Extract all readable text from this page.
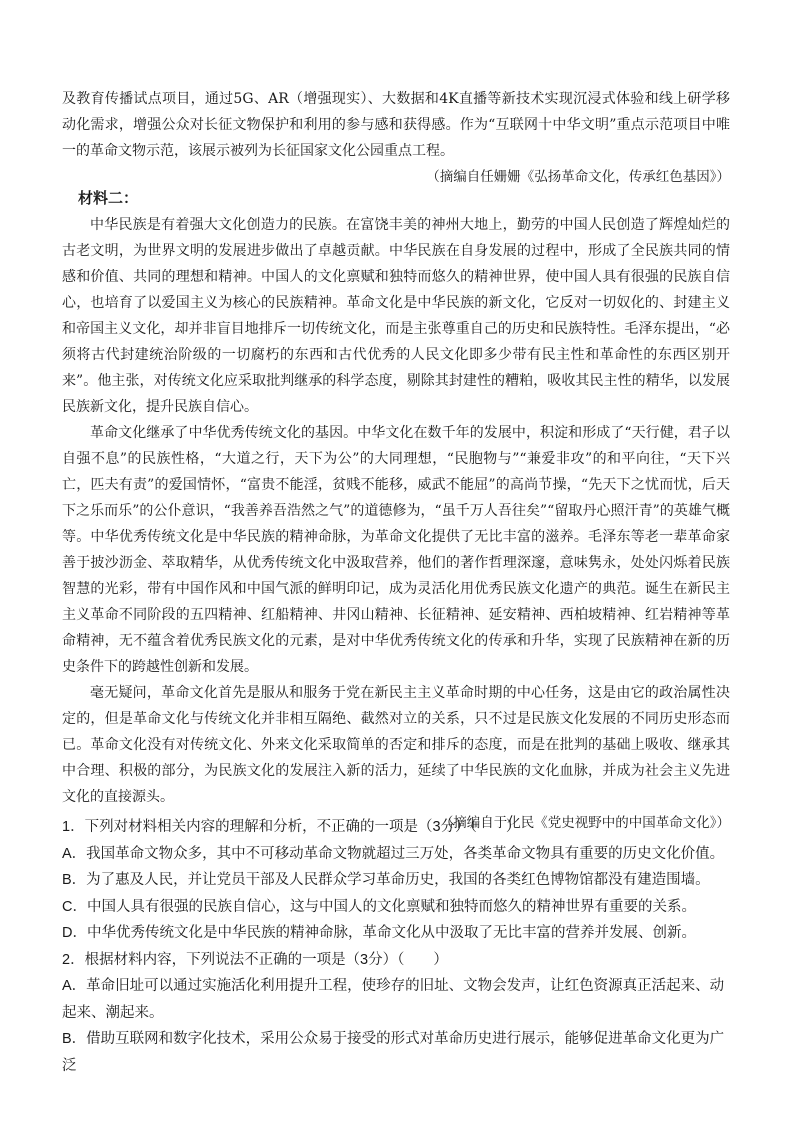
及教育传播试点项目，通过5G、AR（增强现实）、大数据和4K直播等新技术实现沉浸式体验和线上研学移动化需求，增强公众对长征文物保护和利用的参与感和获得感。作为“互联网十中华文明”重点示范项目中唯一的革命文物示范，该展示被列为长征国家文化公园重点工程。

（摘编自任姗姗《弘扬革命文化，传承红色基因》）

材料二：

中华民族是有着强大文化创造力的民族。在富饶丰美的神州大地上，勤劳的中国人民创造了辉煌灿烂的古老文明，为世界文明的发展进步做出了卓越贡献。中华民族在自身发展的过程中，形成了全民族共同的情感和价值、共同的理想和精神。中国人的文化禀赋和独特而悠久的精神世界，使中国人具有很强的民族自信心，也培育了以爱国主义为核心的民族精神。革命文化是中华民族的新文化，它反对一切奴化的、封建主义和帝国主义文化，却并非盲目地排斥一切传统文化，而是主张尊重自己的历史和民族特性。毛泽东提出，“必须将古代封建统治阶级的一切腐朽的东西和古代优秀的人民文化即多少带有民主性和革命性的东西区别开来”。他主张，对传统文化应采取批判继承的科学态度，剔除其封建性的糟粕，吸收其民主性的精华，以发展民族新文化，提升民族自信心。

革命文化继承了中华优秀传统文化的基因。中华文化在数千年的发展中，积淀和形成了“天行健，君子以自强不息”的民族性格，“大道之行，天下为公”的大同理想，“民胞物与”“兼爱非攻”的和平向往，“天下兴亡，匹夫有责”的爱国情怀，“富贵不能淫，贫贱不能移，威武不能屈”的高尚节操，“先天下之忧而忧，后天下之乐而乐”的公仆意识，“我善养吾浩然之气”的道德修为，“虽千万人吾往矣”“留取丹心照汗青”的英雄气概等。中华优秀传统文化是中华民族的精神命脉，为革命文化提供了无比丰富的滋养。毛泽东等老一辈革命家善于披沙沥金、萃取精华，从优秀传统文化中汲取营养，他们的著作哲理深邃，意味隽永，处处闪烁着民族智慧的光彩，带有中国作风和中国气派的鲜明印记，成为灵活化用优秀民族文化遗产的典范。诞生在新民主主义革命不同阶段的五四精神、红船精神、井冈山精神、长征精神、延安精神、西柏坡精神、红岩精神等革命精神，无不蕴含着优秀民族文化的元素，是对中华优秀传统文化的传承和升华，实现了民族精神在新的历史条件下的跨越性创新和发展。

毫无疑问，革命文化首先是服从和服务于党在新民主主义革命时期的中心任务，这是由它的政治属性决定的，但是革命文化与传统文化并非相互隔绝、截然对立的关系，只不过是民族文化发展的不同历史形态而已。革命文化没有对传统文化、外来文化采取简单的否定和排斥的态度，而是在批判的基础上吸收、继承其中合理、积极的部分，为民族文化的发展注入新的活力，延续了中华民族的文化血脉，并成为社会主义先进文化的直接源头。

（摘编自于化民《党史视野中的中国革命文化》）

1．下列对材料相关内容的理解和分析，不正确的一项是（3分）（　　）

A．我国革命文物众多，其中不可移动革命文物就超过三万处，各类革命文物具有重要的历史文化价值。

B．为了惠及人民，并让党员干部及人民群众学习革命历史，我国的各类红色博物馆都没有建造围墙。

C．中国人具有很强的民族自信心，这与中国人的文化禀赋和独特而悠久的精神世界有重要的关系。

D．中华优秀传统文化是中华民族的精神命脉，革命文化从中汲取了无比丰富的营养并发展、创新。

2．根据材料内容，下列说法不正确的一项是（3分）（　　）

A．革命旧址可以通过实施活化利用提升工程，使珍存的旧址、文物会发声，让红色资源真正活起来、动起来、潮起来。

B．借助互联网和数字化技术，采用公众易于接受的形式对革命历史进行展示，能够促进革命文化更为广泛
